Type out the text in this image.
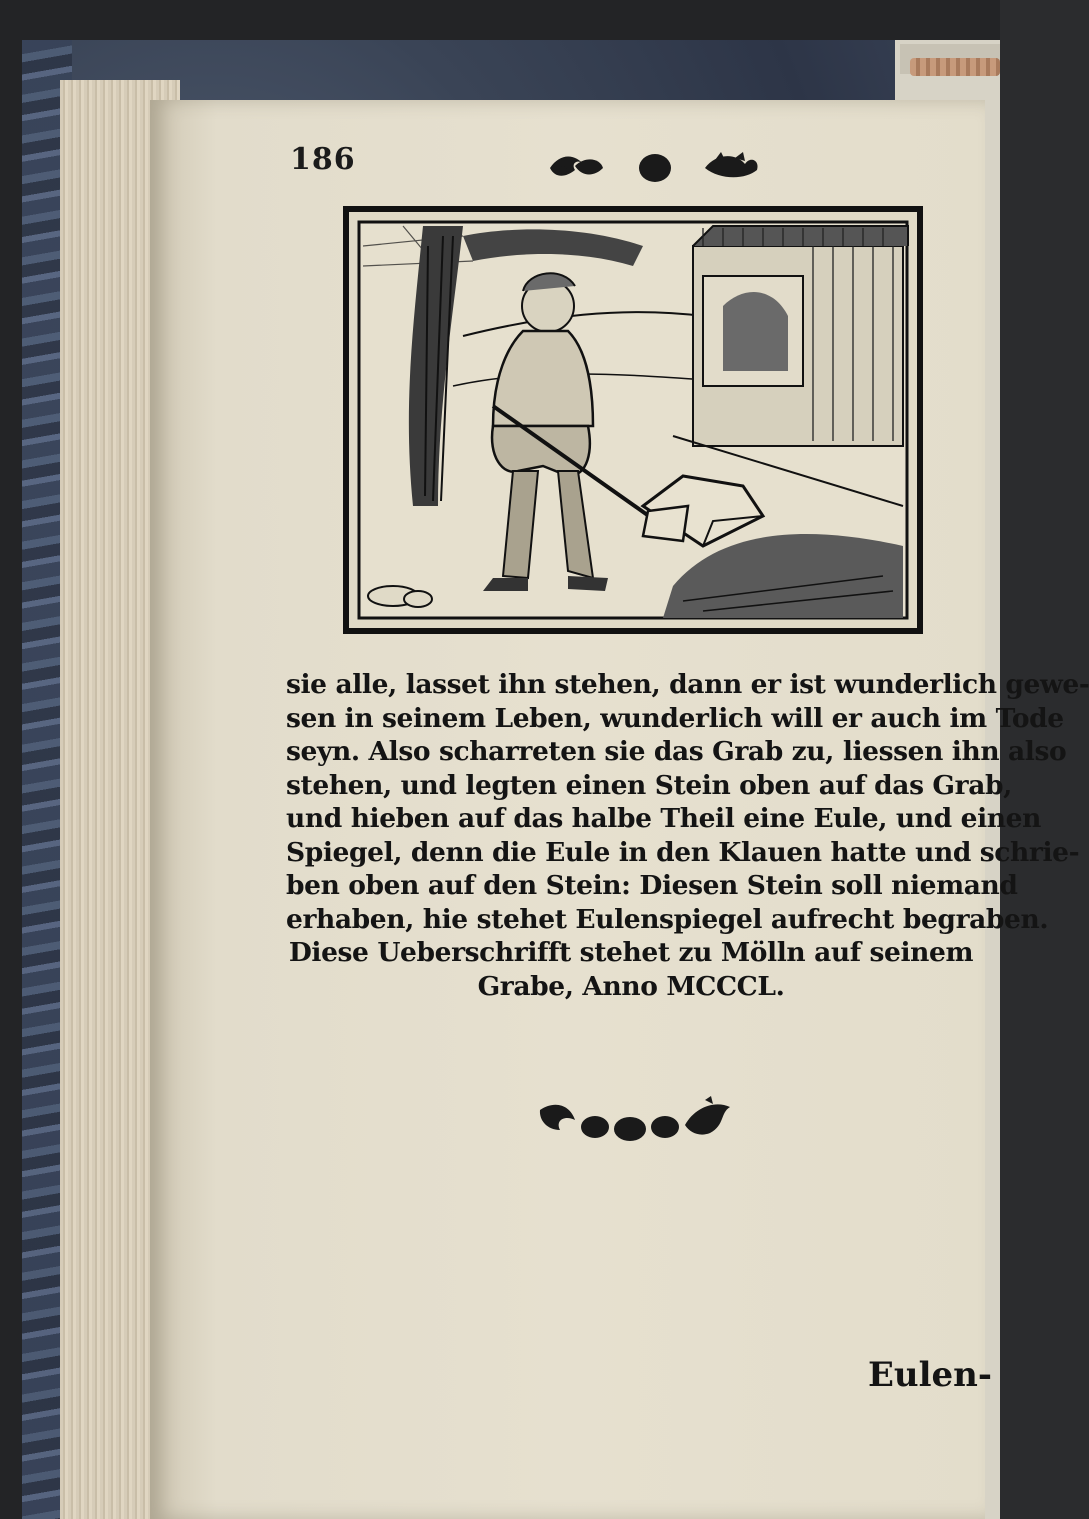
186
sie alle, lasset ihn stehen, dann er ist wunderlich gewe-
sen in seinem Leben, wunderlich will er auch im Tode
seyn. Also scharreten sie das Grab zu, liessen ihn also
stehen, und legten einen Stein oben auf das Grab,
und hieben auf das halbe Theil eine Eule, und einen
Spiegel, denn die Eule in den Klauen hatte und schrie-
ben oben auf den Stein: Diesen Stein soll niemand
erhaben, hie stehet Eulenspiegel aufrecht begraben.
Diese Ueberschrifft stehet zu Mölln auf seinem
Grabe, Anno MCCCL.
Eulen-
